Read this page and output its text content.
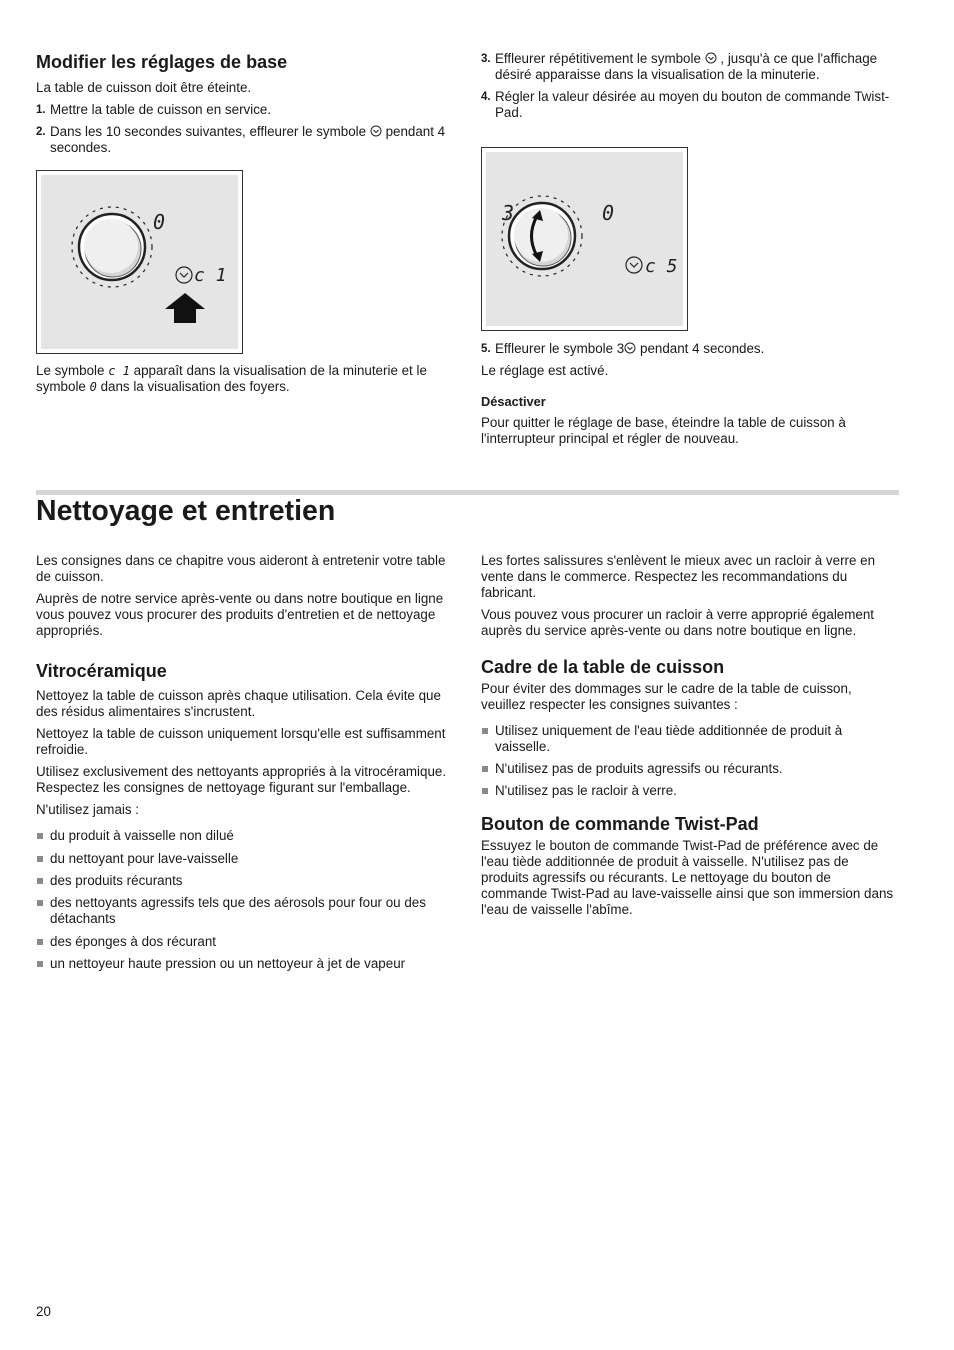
Modifier les réglages de base

La table de cuisson doit être éteinte.

1. Mettre la table de cuisson en service.
2. Dans les 10 secondes suivantes, effleurer le symbole pendant 4 secondes.
0
c 1

Le symbole c 1 apparaît dans la visualisation de la minuterie et le symbole 0 dans la visualisation des foyers.

3. Effleurer répétitivement le symbole , jusqu'à ce que l'affichage désiré apparaisse dans la visualisation de la minuterie.
4. Régler la valeur désirée au moyen du bouton de commande Twist-Pad.
3	0
c 5
5. Effleurer le symbole 3 pendant 4 secondes.

Le réglage est activé.

Désactiver

Pour quitter le réglage de base, éteindre la table de cuisson à l'interrupteur principal et régler de nouveau.

Nettoyage et entretien

Les consignes dans ce chapitre vous aideront à entretenir votre table de cuisson.

Auprès de notre service après-vente ou dans notre boutique en ligne vous pouvez vous procurer des produits d'entretien et de nettoyage appropriés.

Vitrocéramique

Nettoyez la table de cuisson après chaque utilisation. Cela évite que des résidus alimentaires s'incrustent.

Nettoyez la table de cuisson uniquement lorsqu'elle est suffisamment refroidie.

Utilisez exclusivement des nettoyants appropriés à la vitrocéramique. Respectez les consignes de nettoyage figurant sur l'emballage.

N'utilisez jamais :

du produit à vaisselle non dilué
du nettoyant pour lave-vaisselle
des produits récurants
des nettoyants agressifs tels que des aérosols pour four ou des détachants
des éponges à dos récurant
un nettoyeur haute pression ou un nettoyeur à jet de vapeur

Les fortes salissures s'enlèvent le mieux avec un racloir à verre en vente dans le commerce. Respectez les recommandations du fabricant.

Vous pouvez vous procurer un racloir à verre approprié également auprès du service après-vente ou dans notre boutique en ligne.

Cadre de la table de cuisson

Pour éviter des dommages sur le cadre de la table de cuisson, veuillez respecter les consignes suivantes :

Utilisez uniquement de l'eau tiède additionnée de produit à vaisselle.
N'utilisez pas de produits agressifs ou récurants.
N'utilisez pas le racloir à verre.
Bouton de commande Twist-Pad

Essuyez le bouton de commande Twist-Pad de préférence avec de l'eau tiède additionnée de produit à vaisselle. N'utilisez pas de produits agressifs ou récurants. Le nettoyage du bouton de commande Twist-Pad au lave-vaisselle ainsi que son immersion dans l'eau de vaisselle l'abîme.

20
